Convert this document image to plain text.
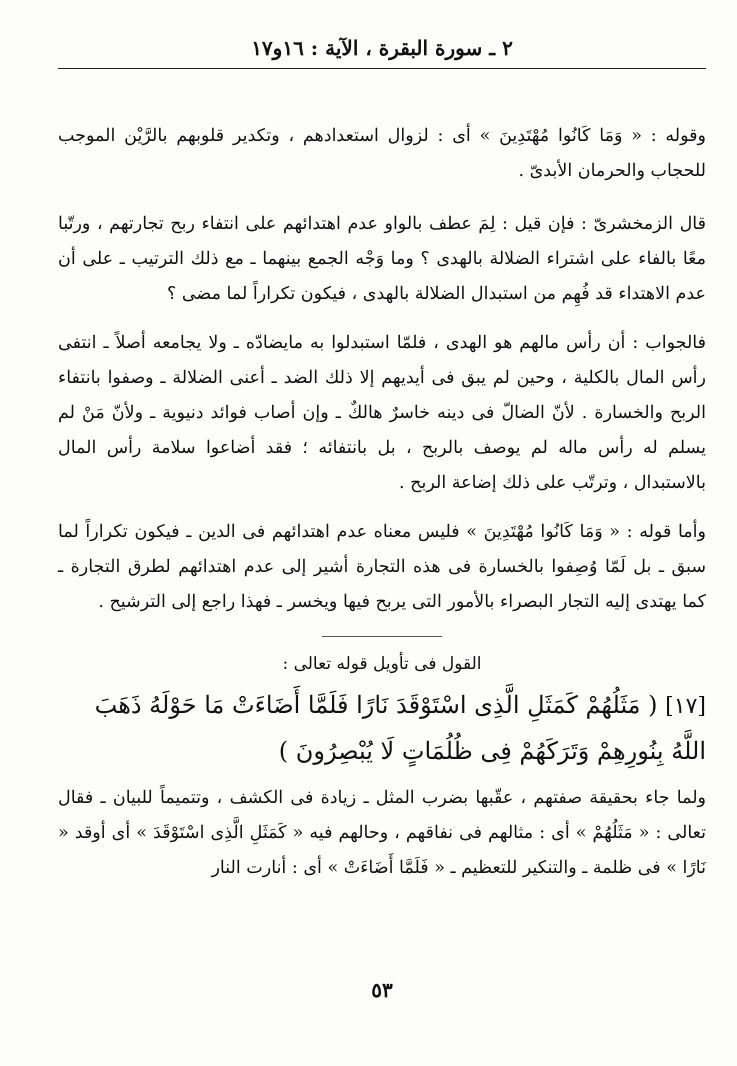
٢ ـ سورة البقرة ، الآية : ١٦و١٧

وقوله : « وَمَا كَانُوا مُهْتَدِينَ » أى : لزوال استعدادهم ، وتكدير قلوبهم بالرَّيْن الموجب للحجاب والحرمان الأبدىّ .

قال الزمخشرىّ : فإن قيل : لِمَ عطف بالواو عدم اهتدائهم على انتفاء ربح تجارتهم ، ورتّبا معًا بالفاء على اشتراء الضلالة بالهدى ؟ وما وَجْه الجمع بينهما ـ مع ذلك الترتيب ـ على أن عدم الاهتداء قد فُهِم من استبدال الضلالة بالهدى ، فيكون تكراراً لما مضى ؟

فالجواب : أن رأس مالهم هو الهدى ، فلمّا استبدلوا به مايضادّه ـ ولا يجامعه أصلاً ـ انتفى رأس المال بالكلية ، وحين لم يبق فى أيديهم إلا ذلك الضد ـ أعنى الضلالة ـ وصفوا بانتفاء الربح والخسارة . لأنّ الضالّ فى دينه خاسرٌ هالكٌ ـ وإن أصاب فوائد دنيوية ـ ولأنّ مَنْ لم يسلم له رأس ماله لم يوصف بالربح ، بل بانتفائه ؛ فقد أضاعوا سلامة رأس المال بالاستبدال ، وترتّب على ذلك إضاعة الربح .

وأما قوله : « وَمَا كَانُوا مُهْتَدِينَ » فليس معناه عدم اهتدائهم فى الدين ـ فيكون تكراراً لما سبق ـ بل لَمّا وُصِفوا بالخسارة فى هذه التجارة أشير إلى عدم اهتدائهم لطرق التجارة ـ كما يهتدى إليه التجار البصراء بالأمور التى يربح فيها ويخسر ـ فهذا راجع إلى الترشيح .

القول فى تأويل قوله تعالى :
[١٧] ( مَثَلُهُمْ كَمَثَلِ الَّذِى اسْتَوْقَدَ نَارًا فَلَمَّا أَضَاءَتْ مَا حَوْلَهُ ذَهَبَ اللَّهُ بِنُورِهِمْ وَتَرَكَهُمْ فِى ظُلُمَاتٍ لَا يُبْصِرُونَ )

ولما جاء بحقيقة صفتهم ، عقّبها بضرب المثل ـ زيادة فى الكشف ، وتتميماً للبيان ـ فقال تعالى : « مَثَلُهُمْ » أى : مثالهم فى نفاقهم ، وحالهم فيه « كَمَثَلِ الَّذِى اسْتَوْقَدَ » أى أوقد « نَارًا » فى ظلمة ـ والتنكير للتعظيم ـ « فَلَمَّا أَضَاءَتْ » أى : أنارت النار

٥٣
